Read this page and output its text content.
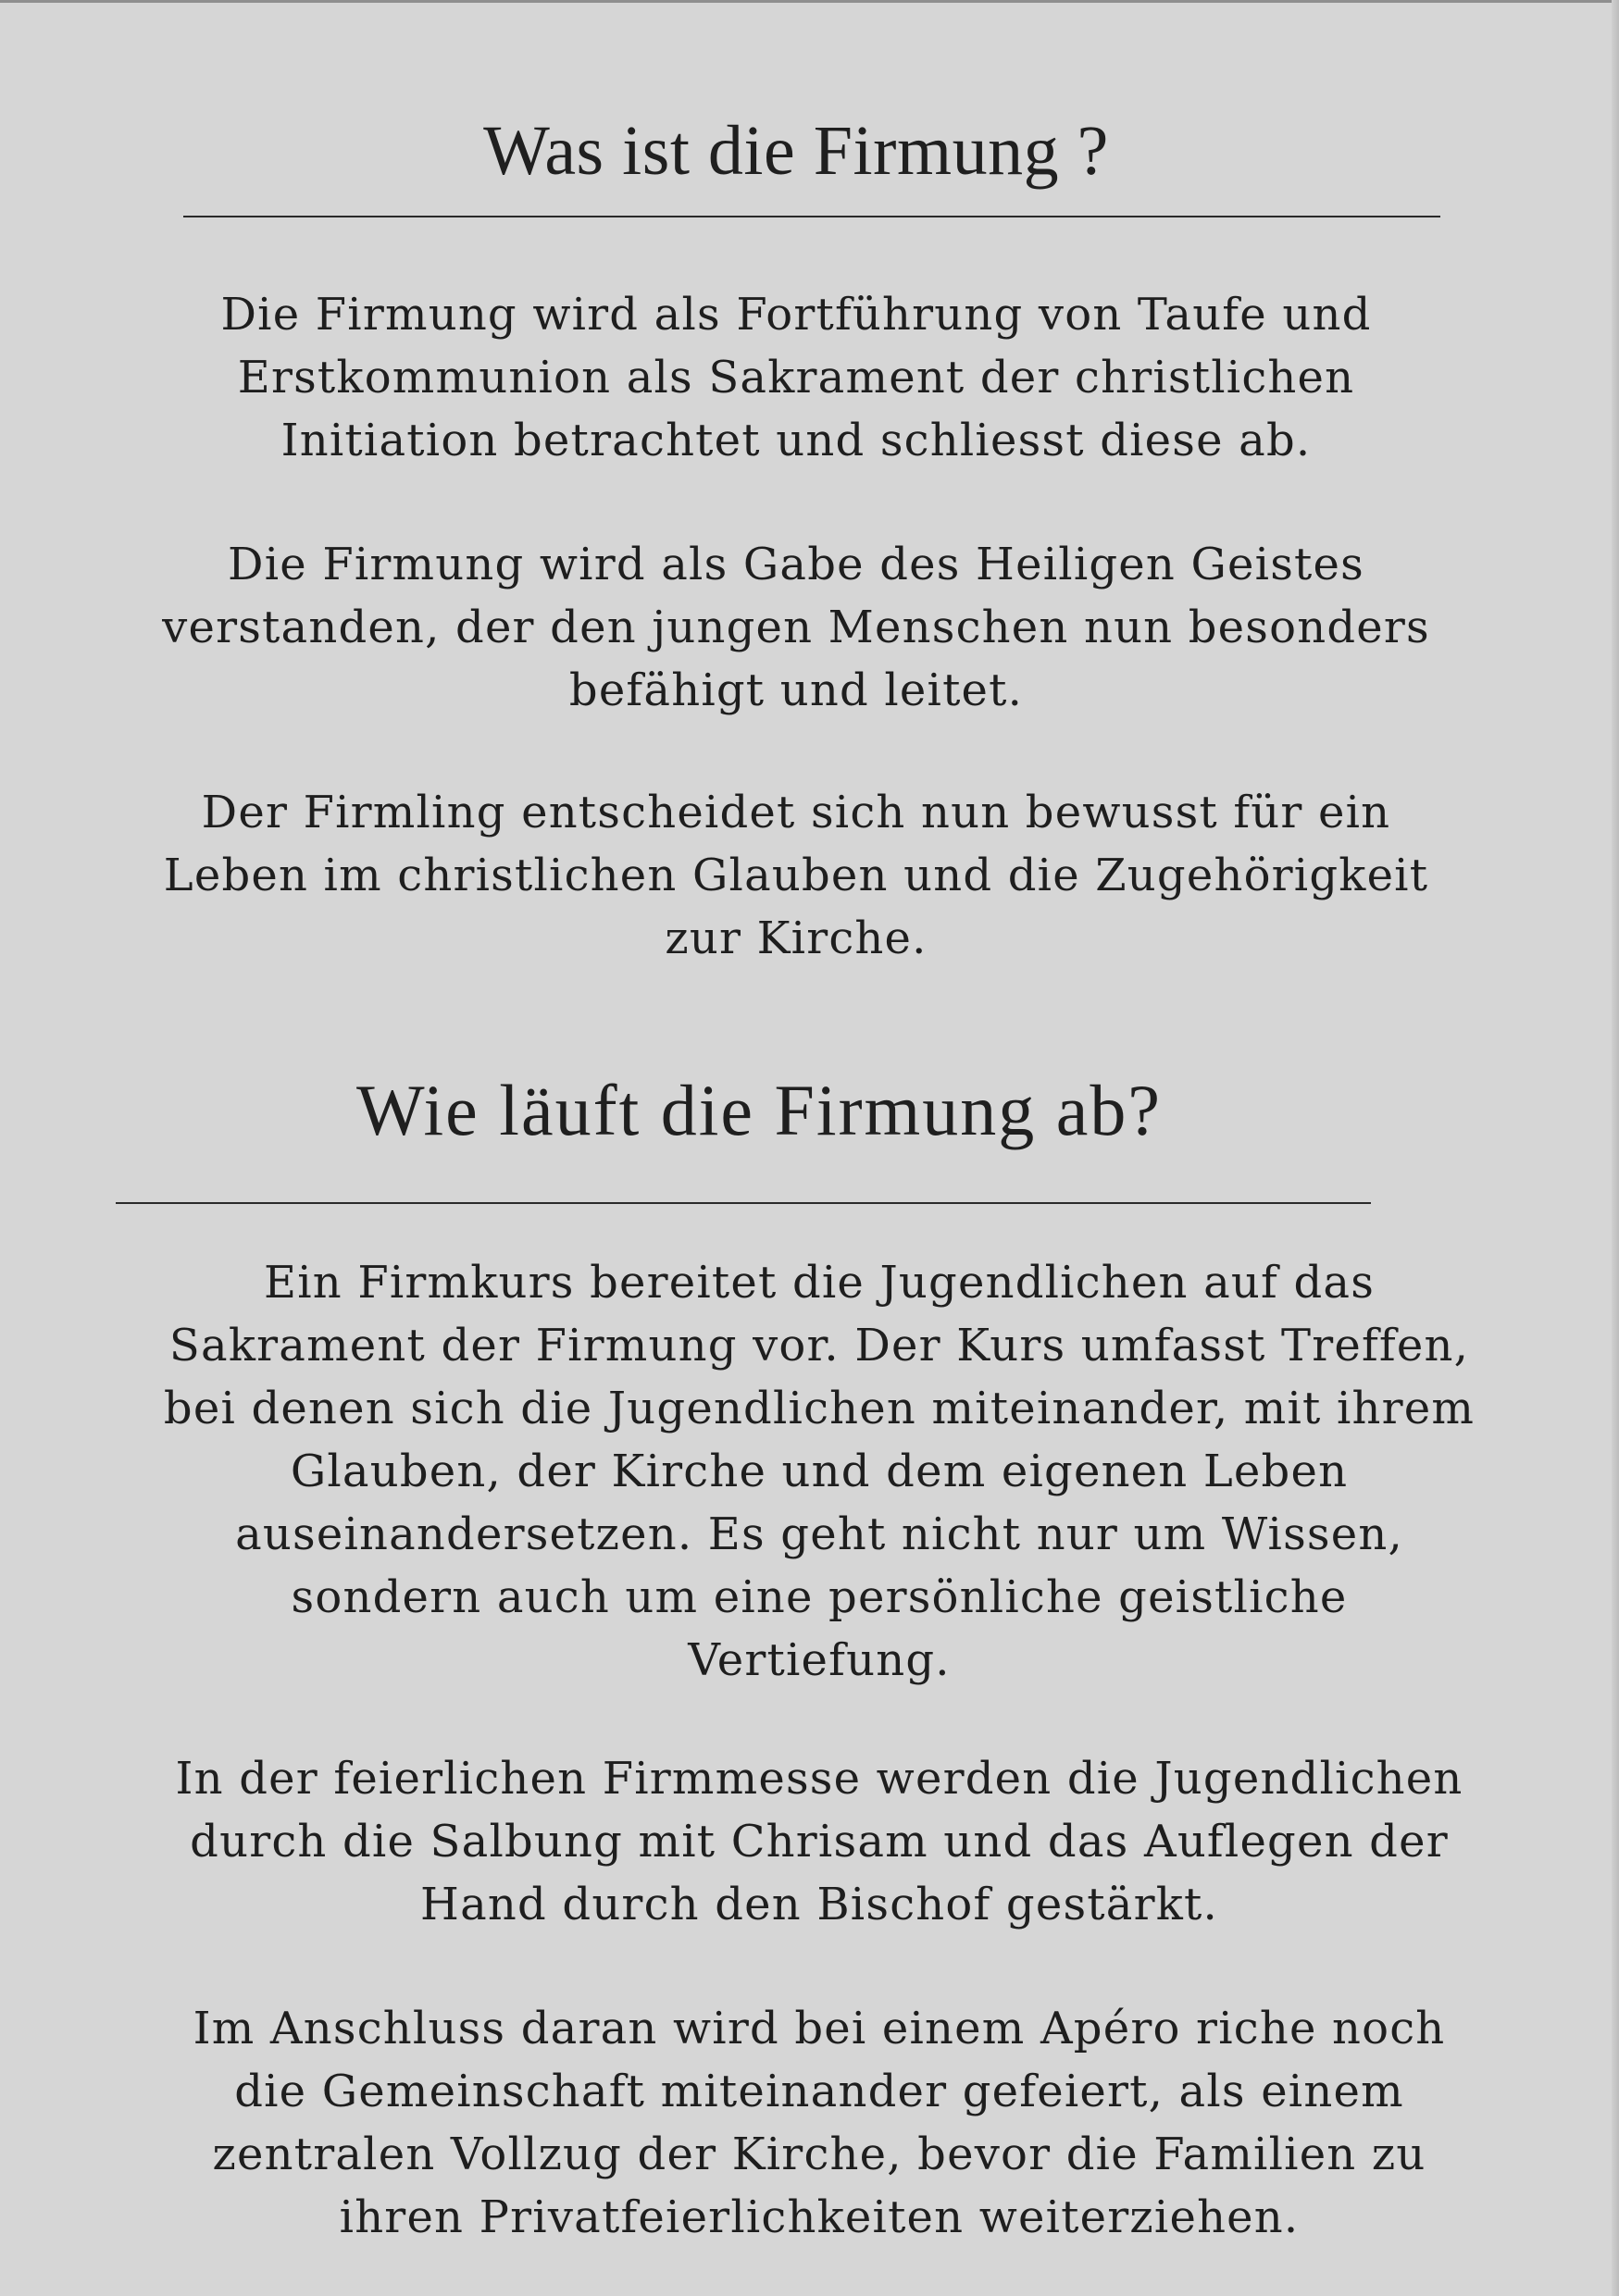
Was ist die Firmung ?

Die Firmung wird als Fortführung von Taufe und
Erstkommunion als Sakrament der christlichen
Initiation betrachtet und schliesst diese ab.

Die Firmung wird als Gabe des Heiligen Geistes
verstanden, der den jungen Menschen nun besonders
befähigt und leitet.

Der Firmling entscheidet sich nun bewusst für ein
Leben im christlichen Glauben und die Zugehörigkeit
zur Kirche.

Wie läuft die Firmung ab?

Ein Firmkurs bereitet die Jugendlichen auf das
Sakrament der Firmung vor. Der Kurs umfasst Treffen,
bei denen sich die Jugendlichen miteinander, mit ihrem
Glauben, der Kirche und dem eigenen Leben
auseinandersetzen. Es geht nicht nur um Wissen,
sondern auch um eine persönliche geistliche
Vertiefung.

In der feierlichen Firmmesse werden die Jugendlichen
durch die Salbung mit Chrisam und das Auflegen der
Hand durch den Bischof gestärkt.

Im Anschluss daran wird bei einem Apéro riche noch
die Gemeinschaft miteinander gefeiert, als einem
zentralen Vollzug der Kirche, bevor die Familien zu
ihren Privatfeierlichkeiten weiterziehen.
